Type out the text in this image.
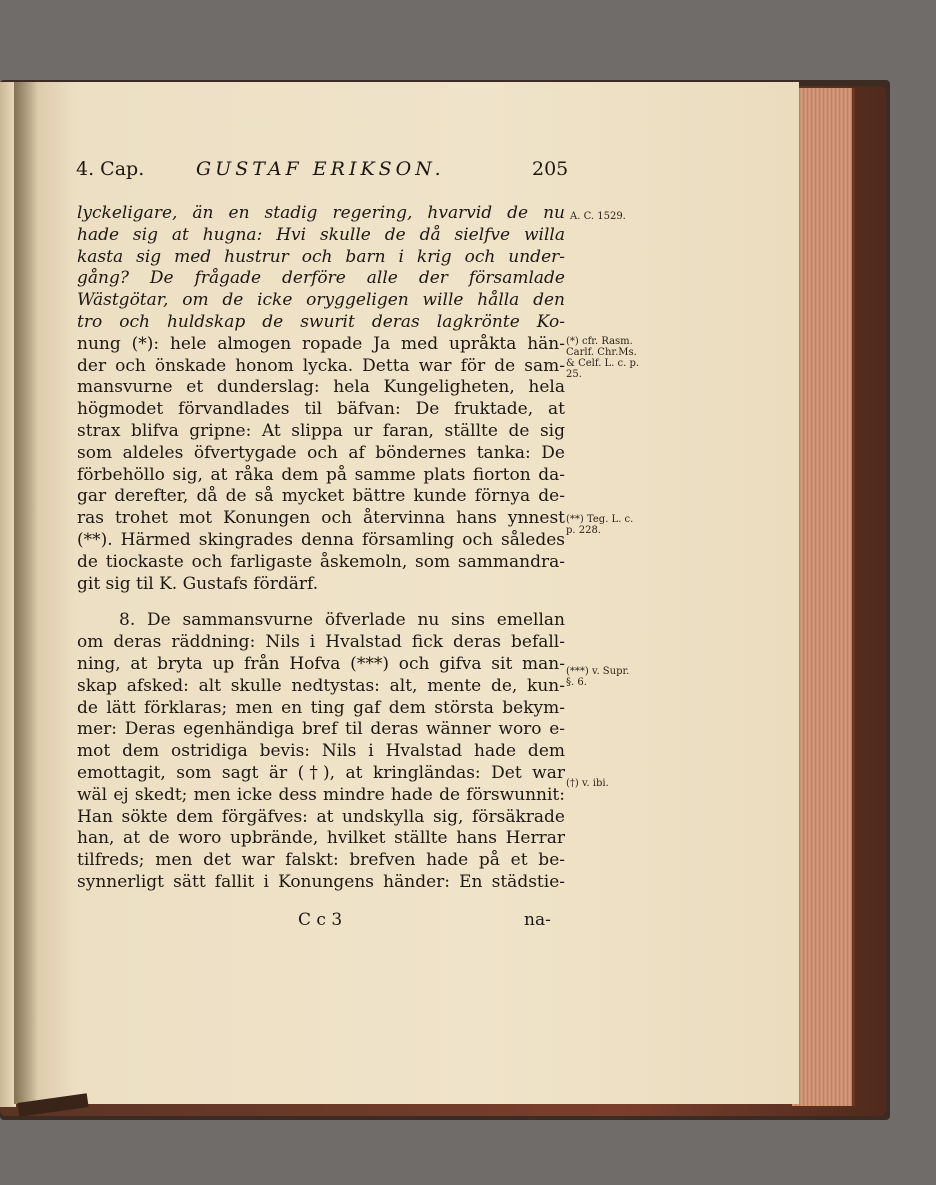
4. Cap.	GUSTAF ERIKSON.	205
lyckeligare, än en stadig regering, hvarvid de nu
hade sig at hugna: Hvi skulle de då sielfve willa
kasta sig med hustrur och barn i krig och under-
gång? De frågade derföre alle der församlade
Wästgötar, om de icke oryggeligen wille hålla den
tro och huldskap de swurit deras lagkrönte Ko-
nung (*): hele almogen ropade Ja med upråkta hän-
der och önskade honom lycka. Detta war för de sam-
mansvurne et dunderslag: hela Kungeligheten, hela
högmodet förvandlades til bäfvan: De fruktade, at
strax blifva gripne: At slippa ur faran, ställte de sig
som aldeles öfvertygade och af böndernes tanka: De
förbehöllo sig, at råka dem på samme plats fiorton da-
gar derefter, då de så mycket bättre kunde förnya de-
ras trohet mot Konungen och återvinna hans ynnest
(**). Härmed skingrades denna församling och således
de tiockaste och farligaste åskemoln, som sammandra-
git sig til K. Gustafs fördärf.
8. De sammansvurne öfverlade nu sins emellan
om deras räddning: Nils i Hvalstad fick deras befall-
ning, at bryta up från Hofva (***) och gifva sit man-
skap afsked: alt skulle nedtystas: alt, mente de, kun-
de lätt förklaras; men en ting gaf dem största bekym-
mer: Deras egenhändiga bref til deras wänner woro e-
mot dem ostridiga bevis: Nils i Hvalstad hade dem
emottagit, som sagt är (†), at kringländas: Det war
wäl ej skedt; men icke dess mindre hade de förswunnit:
Han sökte dem förgäfves: at undskylla sig, försäkrade
han, at de woro upbrände, hvilket ställte hans Herrar
tilfreds; men det war falskt: brefven hade på et be-
synnerligt sätt fallit i Konungens händer: En städstie-
A. C. 1529.
(*) cfr. Rasm.
Carlf. Chr.Ms.
& Celf. L. c. p.
25.
(**) Teg. L. c.
p. 228.
(***) v. Supr.
§. 6.
(†) v. ibi.
C c 3	na-
